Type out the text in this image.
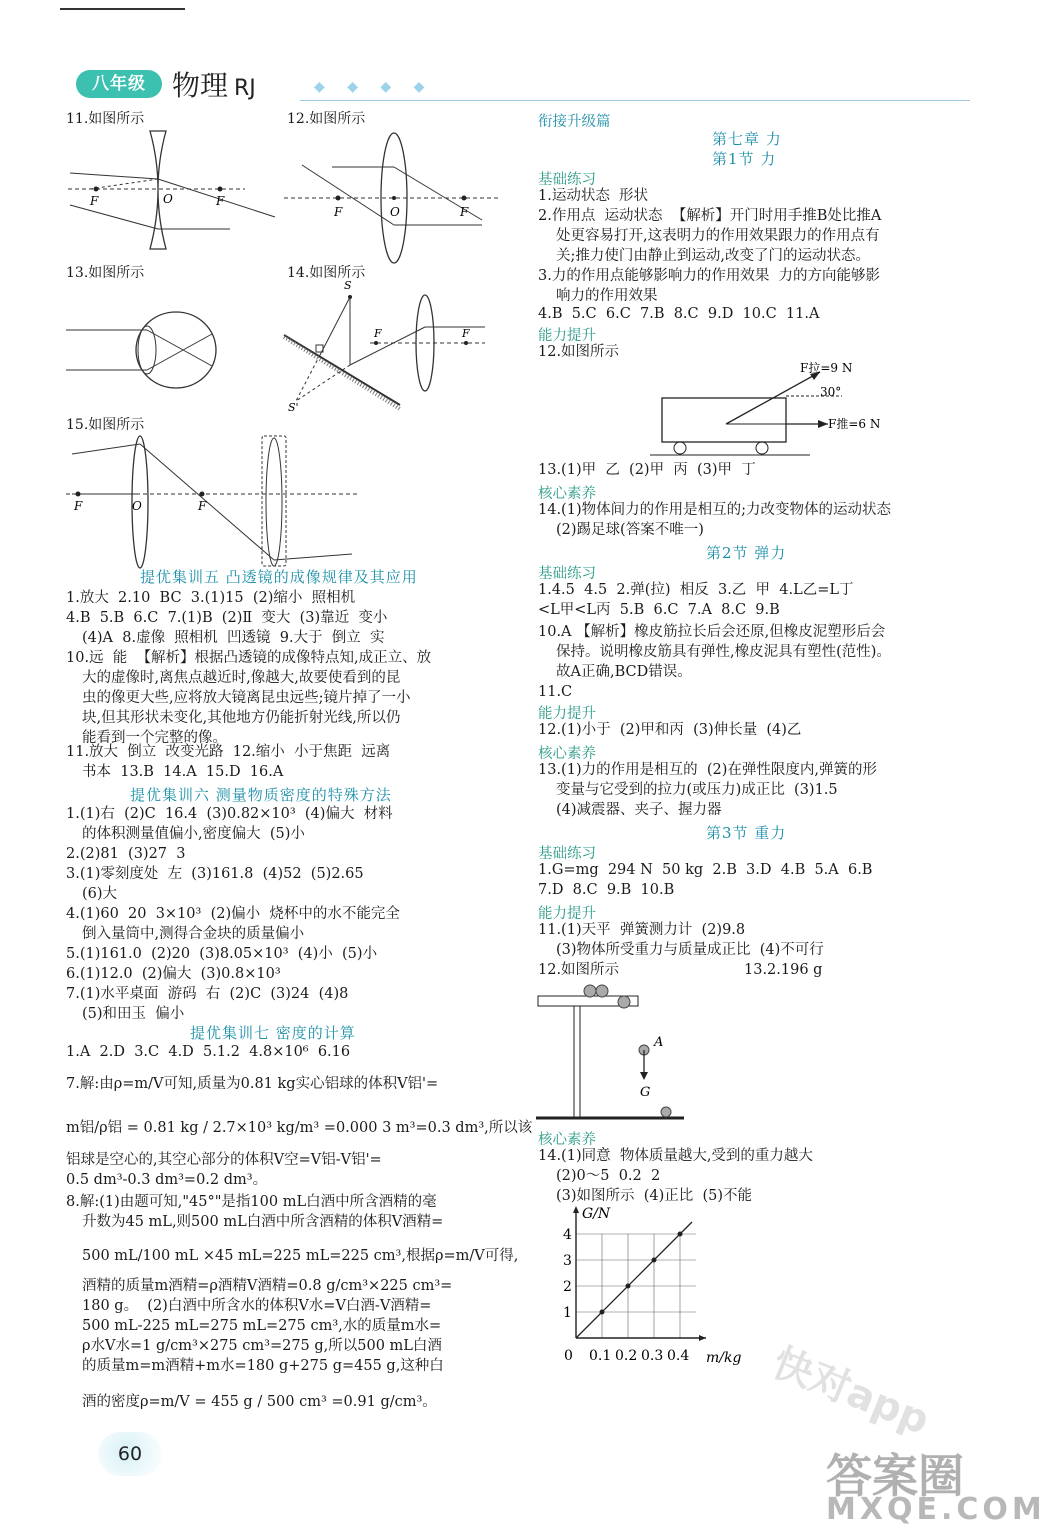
八年级 物理 RJ	◆ ◆ ◆ ◆
11.如图所示	12.如图所示
F	O	F
F	O	F
13.如图所示	14.如图所示
S
S'
F	F
15.如图所示
F	O	F
提优集训五 凸透镜的成像规律及其应用
1.放大  2.10  BC  3.(1)15  (2)缩小  照相机
4.B  5.B  6.C  7.(1)B  (2)Ⅱ  变大  (3)靠近  变小
(4)A  8.虚像  照相机  凹透镜  9.大于  倒立  实
10.远  能  【解析】根据凸透镜的成像特点知,成正立、放
大的虚像时,离焦点越近时,像越大,故要使看到的昆
虫的像更大些,应将放大镜离昆虫远些;镜片掉了一小
块,但其形状未变化,其他地方仍能折射光线,所以仍
能看到一个完整的像。
11.放大  倒立  改变光路  12.缩小  小于焦距  远离
书本  13.B  14.A  15.D  16.A
提优集训六 测量物质密度的特殊方法
1.(1)右  (2)C  16.4  (3)0.82×10³  (4)偏大  材料
的体积测量值偏小,密度偏大  (5)小
2.(2)81  (3)27  3
3.(1)零刻度处  左  (3)161.8  (4)52  (5)2.65
(6)大
4.(1)60  20  3×10³  (2)偏小  烧杯中的水不能完全
倒入量筒中,测得合金块的质量偏小
5.(1)161.0  (2)20  (3)8.05×10³  (4)小  (5)小
6.(1)12.0  (2)偏大  (3)0.8×10³
7.(1)水平桌面  游码  右  (2)C  (3)24  (4)8
(5)和田玉  偏小
提优集训七 密度的计算
1.A  2.D  3.C  4.D  5.1.2  4.8×10⁶  6.16
7.解:由ρ=m/V可知,质量为0.81 kg实心铝球的体积V铝'=
m铝/ρ铝 = 0.81 kg / 2.7×10³ kg/m³ =0.000 3 m³=0.3 dm³,所以该
铝球是空心的,其空心部分的体积V空=V铝-V铝'=
0.5 dm³-0.3 dm³=0.2 dm³。
8.解:(1)由题可知,"45°"是指100 mL白酒中所含酒精的毫
升数为45 mL,则500 mL白酒中所含酒精的体积V酒精=
500 mL/100 mL ×45 mL=225 mL=225 cm³,根据ρ=m/V可得,
酒精的质量m酒精=ρ酒精V酒精=0.8 g/cm³×225 cm³=
180 g。  (2)白酒中所含水的体积V水=V白酒-V酒精=
500 mL-225 mL=275 mL=275 cm³,水的质量m水=
ρ水V水=1 g/cm³×275 cm³=275 g,所以500 mL白酒
的质量m=m酒精+m水=180 g+275 g=455 g,这种白
酒的密度ρ=m/V = 455 g / 500 cm³ =0.91 g/cm³。
衔接升级篇
第七章 力
第1节 力
基础练习
1.运动状态  形状
2.作用点  运动状态  【解析】开门时用手推B处比推A
处更容易打开,这表明力的作用效果跟力的作用点有
关;推力使门由静止到运动,改变了门的运动状态。
3.力的作用点能够影响力的作用效果  力的方向能够影
响力的作用效果
4.B  5.C  6.C  7.B  8.C  9.D  10.C  11.A
能力提升
12.如图所示
F拉=9 N
30°
F推=6 N
13.(1)甲  乙  (2)甲  丙  (3)甲  丁
核心素养
14.(1)物体间力的作用是相互的;力改变物体的运动状态
(2)踢足球(答案不唯一)
第2节 弹力
基础练习
1.4.5  4.5  2.弹(拉)  相反  3.乙  甲  4.L乙=L丁
<L甲<L丙  5.B  6.C  7.A  8.C  9.B
10.A 【解析】橡皮筋拉长后会还原,但橡皮泥塑形后会
保持。说明橡皮筋具有弹性,橡皮泥具有塑性(范性)。
故A正确,BCD错误。
11.C
能力提升
12.(1)小于  (2)甲和丙  (3)伸长量  (4)乙
核心素养
13.(1)力的作用是相互的  (2)在弹性限度内,弹簧的形
变量与它受到的拉力(或压力)成正比  (3)1.5
(4)减震器、夹子、握力器
第3节 重力
基础练习
1.G=mg  294 N  50 kg  2.B  3.D  4.B  5.A  6.B
7.D  8.C  9.B  10.B
能力提升
11.(1)天平  弹簧测力计  (2)9.8
(3)物体所受重力与质量成正比  (4)不可行
12.如图所示	13.2.196 g
A
G
核心素养
14.(1)同意  物体质量越大,受到的重力越大
(2)0～5  0.2  2
(3)如图所示  (4)正比  (5)不能
G/N
1
2
3
4
0 0.1 0.2 0.3 0.4 m/kg
60
快对app
答案圈
MXQE.COM
